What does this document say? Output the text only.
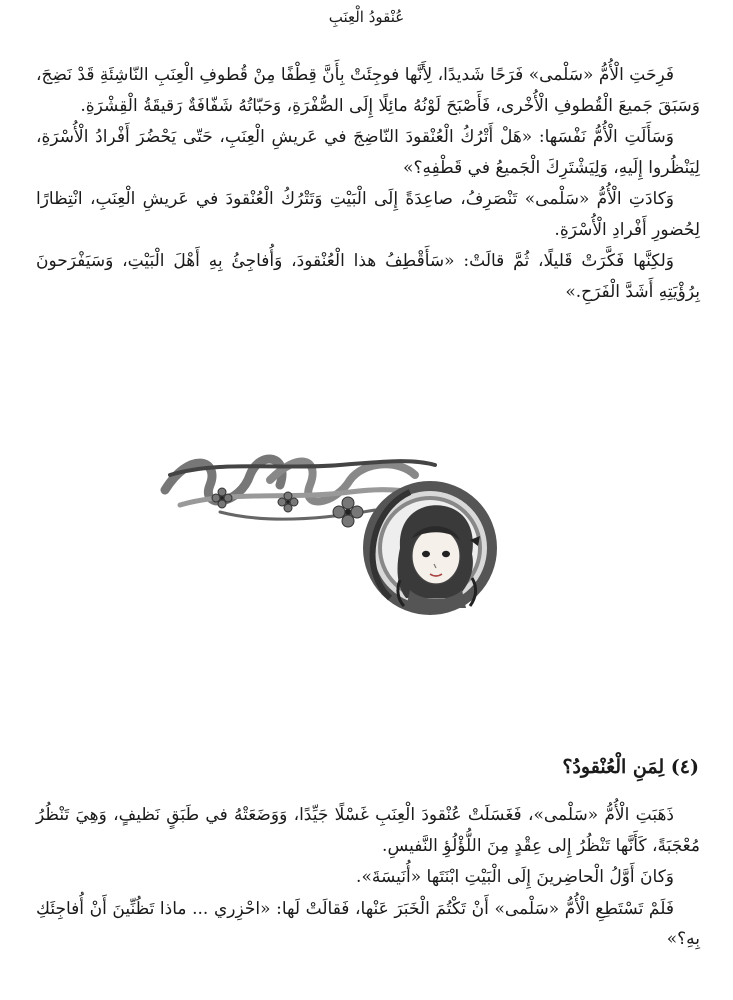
عُنْقودُ الْعِنَبِ

فَرِحَتِ الْأُمُّ «سَلْمى» فَرَحًا شَديدًا، لِأَنَّها فوجِئَتْ بِأَنَّ قِطْفًا مِنْ قُطوفِ الْعِنَبِ النّاشِئَةِ قَدْ نَضِجَ، وَسَبَقَ جَميعَ الْقُطوفِ الْأُخْرى، فَأَصْبَحَ لَوْنُهُ مائِلًا إِلَى الصُّفْرَةِ، وَحَبّاتُهُ شَفّافَةٌ رَقيقَةُ الْقِشْرَةِ.

وَسَأَلَتِ الْأُمُّ نَفْسَها: «هَلْ أَتْرُكُ الْعُنْقودَ النّاضِجَ في عَريشِ الْعِنَبِ، حَتّى يَحْضُرَ أَفْرادُ الْأُسْرَةِ، لِيَنْظُروا إِلَيهِ، وَلِيَشْتَرِكَ الْجَميعُ في قَطْفِهِ؟»

وَكادَتِ الْأُمُّ «سَلْمى» تَنْصَرِفُ، صاعِدَةً إِلَى الْبَيْتِ وَتَتْرُكُ الْعُنْقودَ في عَريشِ الْعِنَبِ، انْتِظارًا لِحُضورِ أَفْرادِ الْأُسْرَةِ.

وَلكِنَّها فَكَّرَتْ قَليلًا، ثُمَّ قالَتْ: «سَأَقْطِفُ هذا الْعُنْقودَ، وَأُفاجِئُ بِهِ أَهْلَ الْبَيْتِ، وَسَيَفْرَحونَ بِرُؤْيَتِهِ أَشَدَّ الْفَرَحِ.»

(٤) لِمَنِ الْعُنْقودُ؟

ذَهَبَتِ الْأُمُّ «سَلْمى»، فَغَسَلَتْ عُنْقودَ الْعِنَبِ غَسْلًا جَيِّدًا، وَوَضَعَتْهُ في طَبَقٍ نَظيفٍ، وَهِيَ تَنْظُرُ مُعْجَبَةً، كَأَنَّها تَنْظُرُ إِلى عِقْدٍ مِنَ اللُّؤْلُؤِ النَّفيسِ.

وَكانَ أَوَّلُ الْحاضِرينَ إِلَى الْبَيْتِ ابْنَتَها «أُنَيسَةَ».

فَلَمْ تَسْتَطِعِ الْأُمُّ «سَلْمى» أَنْ تَكْتُمَ الْخَبَرَ عَنْها، فَقالَتْ لَها: «احْزِري ... ماذا تَظُنِّينَ أَنْ أُفاجِئَكِ بِهِ؟»
